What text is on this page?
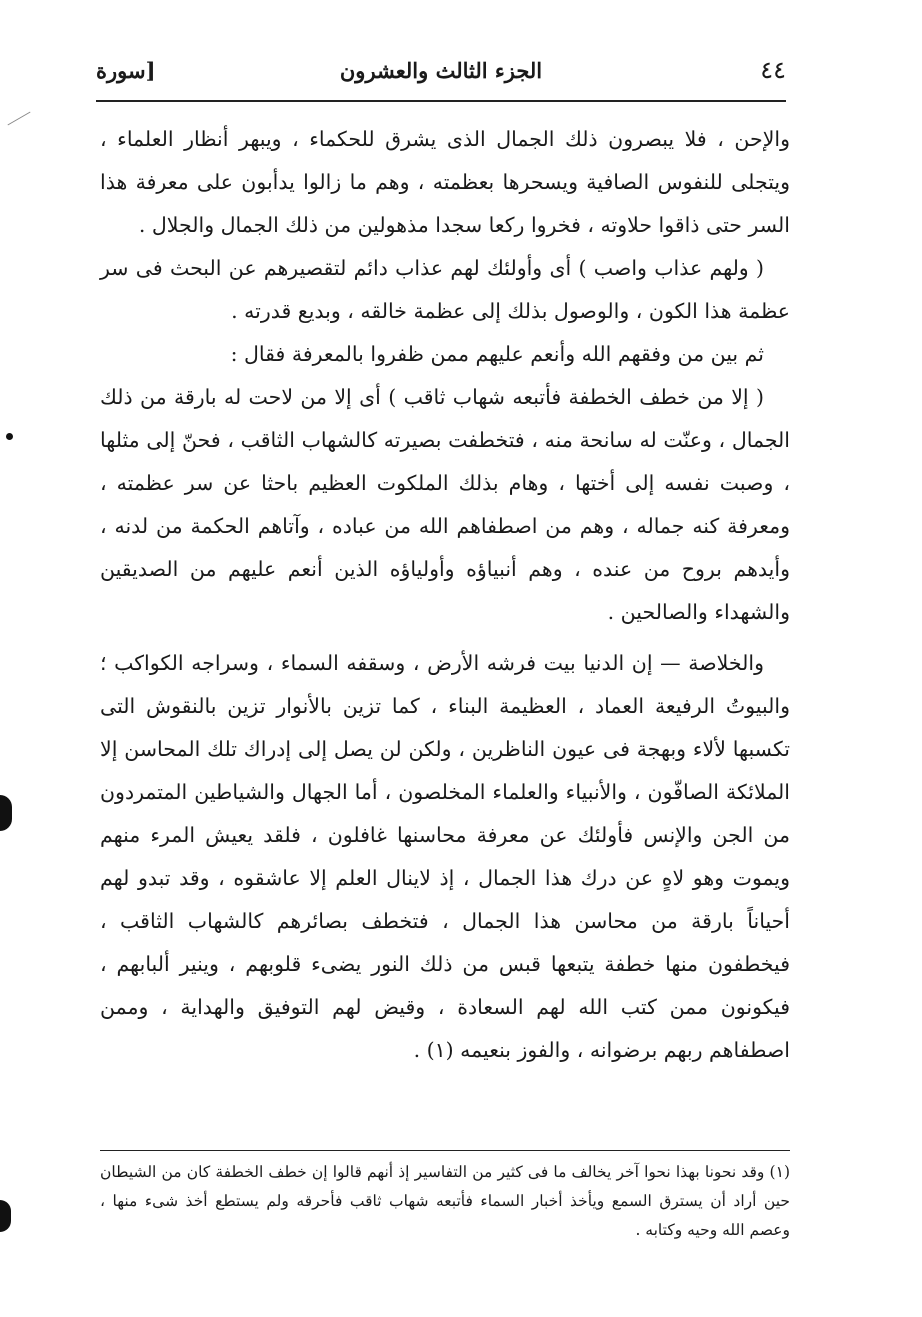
٤٤
الجزء الثالث والعشرون
[سورة

والإحن ، فلا يبصرون ذلك الجمال الذى يشرق للحكماء ، ويبهر أنظار العلماء ، ويتجلى للنفوس الصافية ويسحرها بعظمته ، وهم ما زالوا يدأبون على معرفة هذا السر حتى ذاقوا حلاوته ، فخروا ركعا سجدا مذهولين من ذلك الجمال والجلال .

( ولهم عذاب واصب ) أى وأولئك لهم عذاب دائم لتقصيرهم عن البحث فى سر عظمة هذا الكون ، والوصول بذلك إلى عظمة خالقه ، وبديع قدرته .

ثم بين من وفقهم الله وأنعم عليهم ممن ظفروا بالمعرفة فقال :

( إلا من خطف الخطفة فأتبعه شهاب ثاقب ) أى إلا من لاحت له بارقة من ذلك الجمال ، وعنّت له سانحة منه ، فتخطفت بصيرته كالشهاب الثاقب ، فحنّ إلى مثلها ، وصبت نفسه إلى أختها ، وهام بذلك الملكوت العظيم باحثا عن سر عظمته ، ومعرفة كنه جماله ، وهم من اصطفاهم الله من عباده ، وآتاهم الحكمة من لدنه ، وأيدهم بروح من عنده ، وهم أنبياؤه وأولياؤه الذين أنعم عليهم من الصديقين والشهداء والصالحين .

والخلاصة — إن الدنيا بيت فرشه الأرض ، وسقفه السماء ، وسراجه الكواكب ؛ والبيوتُ الرفيعة العماد ، العظيمة البناء ، كما تزين بالأنوار تزين بالنقوش التى تكسبها لألاء وبهجة فى عيون الناظرين ، ولكن لن يصل إلى إدراك تلك المحاسن إلا الملائكة الصافّون ، والأنبياء والعلماء المخلصون ، أما الجهال والشياطين المتمردون من الجن والإنس فأولئك عن معرفة محاسنها غافلون ، فلقد يعيش المرء منهم ويموت وهو لاهٍ عن درك هذا الجمال ، إذ لاينال العلم إلا عاشقوه ، وقد تبدو لهم أحياناً بارقة من محاسن هذا الجمال ، فتخطف بصائرهم كالشهاب الثاقب ، فيخطفون منها خطفة يتبعها قبس من ذلك النور يضىء قلوبهم ، وينير ألبابهم ، فيكونون ممن كتب الله لهم السعادة ، وقيض لهم التوفيق والهداية ، وممن اصطفاهم ربهم برضوانه ، والفوز بنعيمه (١) .

(١) وقد نحونا بهذا نحوا آخر يخالف ما فى كثير من التفاسير إذ أنهم قالوا إن خطف الخطفة كان من الشيطان حين أراد أن يسترق السمع ويأخذ أخبار السماء فأتبعه شهاب ثاقب فأحرقه ولم يستطع أخذ شىء منها ، وعصم الله وحيه وكتابه .
